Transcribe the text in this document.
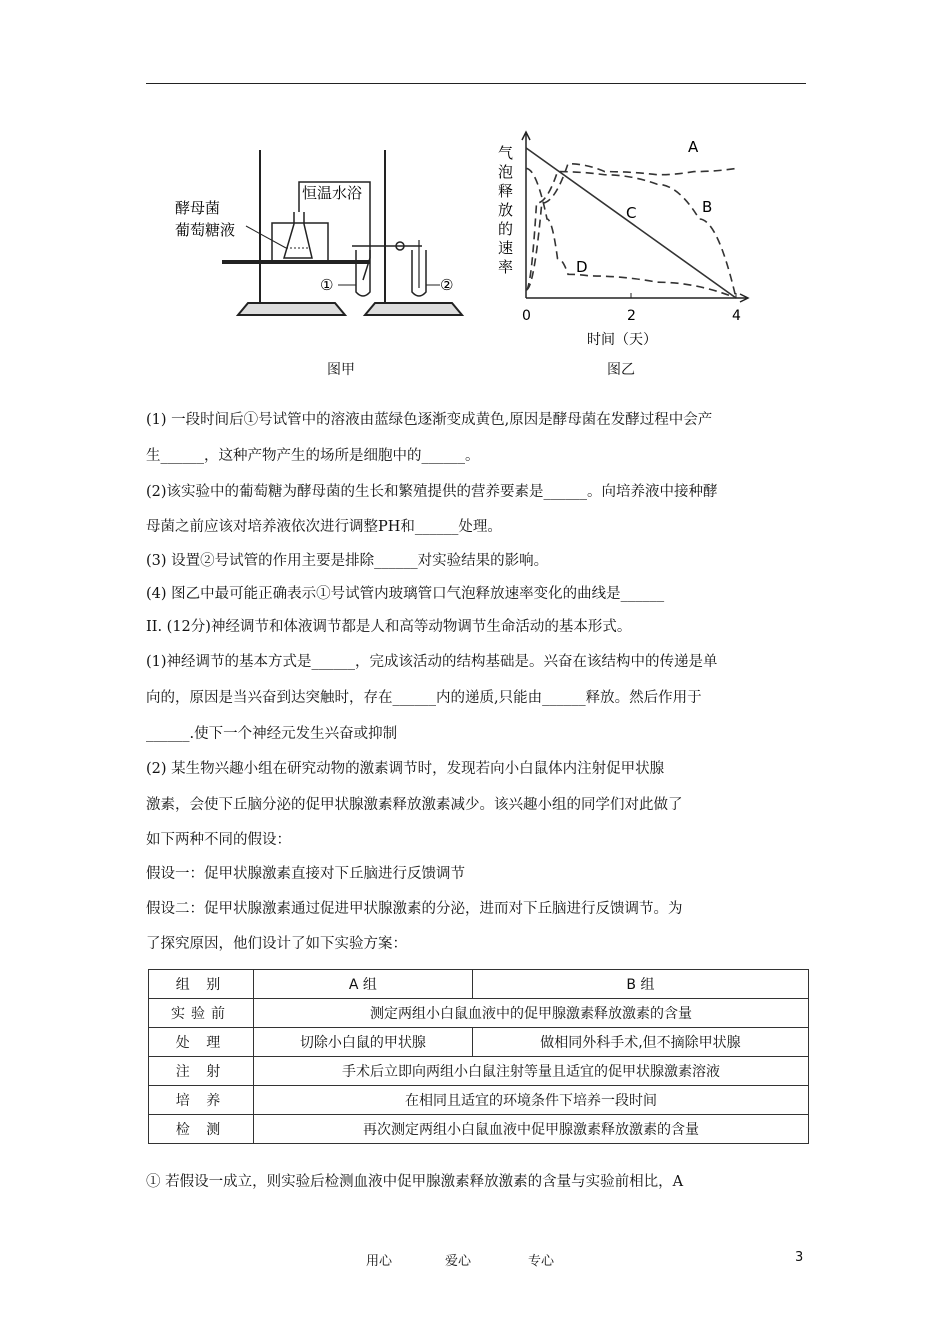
酵母菌
葡萄糖液
恒温水浴
①	②
图甲
A
B
C
D
0	2	4
气
泡
释
放
的
速
率
时间（天）
图乙
(1) 一段时间后①号试管中的溶液由蓝绿色逐渐变成黄色,原因是酵母菌在发酵过程中会产
生______，这种产物产生的场所是细胞中的______。
(2)该实验中的葡萄糖为酵母菌的生长和繁殖提供的营养要素是______。向培养液中接种酵
母菌之前应该对培养液依次进行调整PH和______处理。
(3) 设置②号试管的作用主要是排除______对实验结果的影响。
(4) 图乙中最可能正确表示①号试管内玻璃管口气泡释放速率变化的曲线是______
II. (12分)神经调节和体液调节都是人和高等动物调节生命活动的基本形式。
(1)神经调节的基本方式是______，完成该活动的结构基础是。兴奋在该结构中的传递是单
向的，原因是当兴奋到达突触时，存在______内的递质,只能由______释放。然后作用于
______.使下一个神经元发生兴奋或抑制
(2) 某生物兴趣小组在研究动物的激素调节时，发现若向小白鼠体内注射促甲状腺
激素，会使下丘脑分泌的促甲状腺激素释放激素减少。该兴趣小组的同学们对此做了
如下两种不同的假设：
假设一：促甲状腺激素直接对下丘脑进行反馈调节
假设二：促甲状腺激素通过促进甲状腺激素的分泌，进而对下丘脑进行反馈调节。为
了探究原因，他们设计了如下实验方案：
组 别	A 组	B 组
实验前	测定两组小白鼠血液中的促甲腺激素释放激素的含量	
处 理	切除小白鼠的甲状腺	做相同外科手术,但不摘除甲状腺
注 射	手术后立即向两组小白鼠注射等量且适宜的促甲状腺激素溶液	
培 养	在相同且适宜的环境条件下培养一段时间	
检 测	再次测定两组小白鼠血液中促甲腺激素释放激素的含量	
① 若假设一成立，则实验后检测血液中促甲腺激素释放激素的含量与实验前相比，A
用心	爱心	专心	3
